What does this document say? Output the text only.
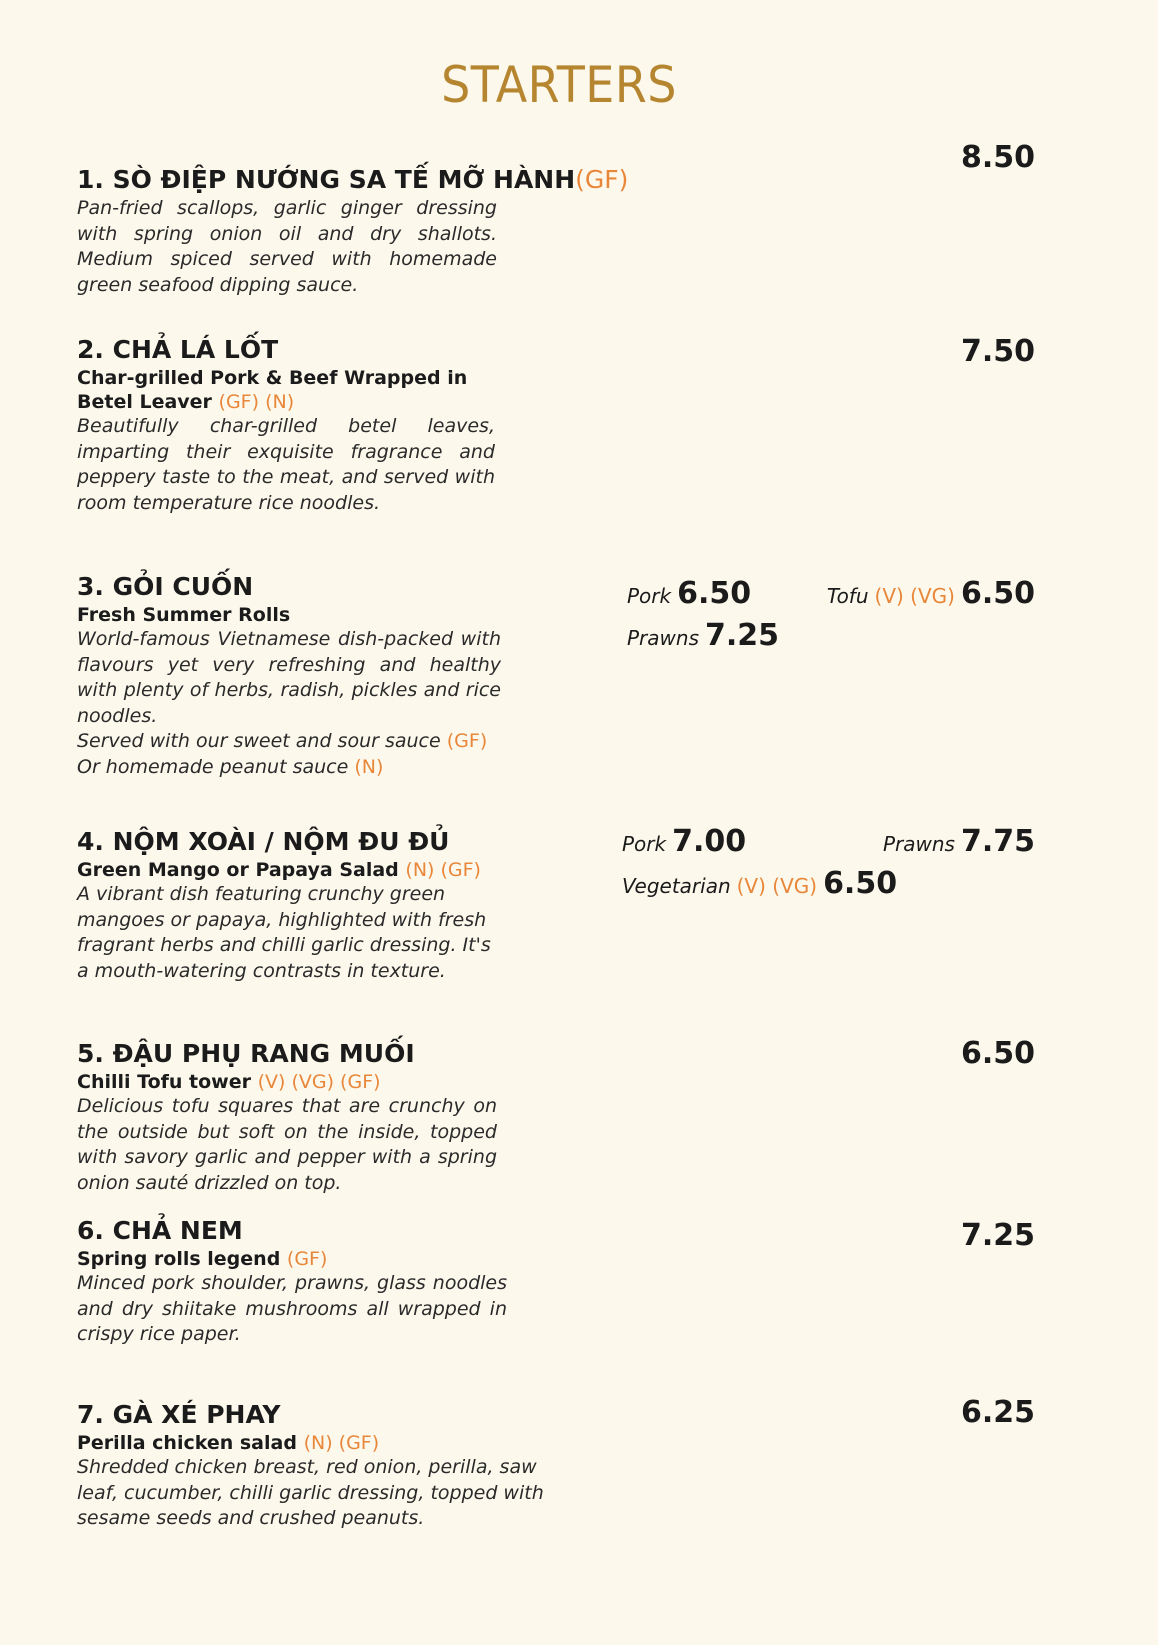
STARTERS
1. SÒ ĐIỆP NƯỚNG SA TẾ MỠ HÀNH(GF)
Pan-fried scallops, garlic ginger dressing with spring onion oil and dry shallots. Medium spiced served with homemade green seafood dipping sauce.
8.50
2. CHẢ LÁ LỐT
Char-grilled Pork & Beef Wrapped in Betel Leaver (GF) (N)
Beautifully char-grilled betel leaves, imparting their exquisite fragrance and peppery taste to the meat, and served with room temperature rice noodles.
7.50
3. GỎI CUỐN
Fresh Summer Rolls
World-famous Vietnamese dish-packed with flavours yet very refreshing and healthy with plenty of herbs, radish, pickles and rice noodles.
Served with our sweet and sour sauce (GF)
Or homemade peanut sauce (N)
Pork 6.50	Tofu (V) (VG) 6.50
Prawns 7.25
4. NỘM XOÀI / NỘM ĐU ĐỦ
Green Mango or Papaya Salad (N) (GF)
A vibrant dish featuring crunchy green mangoes or papaya, highlighted with fresh fragrant herbs and chilli garlic dressing. It's a mouth-watering contrasts in texture.
Pork 7.00	Prawns 7.75
Vegetarian (V) (VG) 6.50
5. ĐẬU PHỤ RANG MUỐI
Chilli Tofu tower (V) (VG) (GF)
Delicious tofu squares that are crunchy on the outside but soft on the inside, topped with savory garlic and pepper with a spring onion sauté drizzled on top.
6.50
6. CHẢ NEM
Spring rolls legend (GF)
Minced pork shoulder, prawns, glass noodles and dry shiitake mushrooms all wrapped in crispy rice paper.
7.25
7. GÀ XÉ PHAY
Perilla chicken salad (N) (GF)
Shredded chicken breast, red onion, perilla, saw leaf, cucumber, chilli garlic dressing, topped with sesame seeds and crushed peanuts.
6.25
